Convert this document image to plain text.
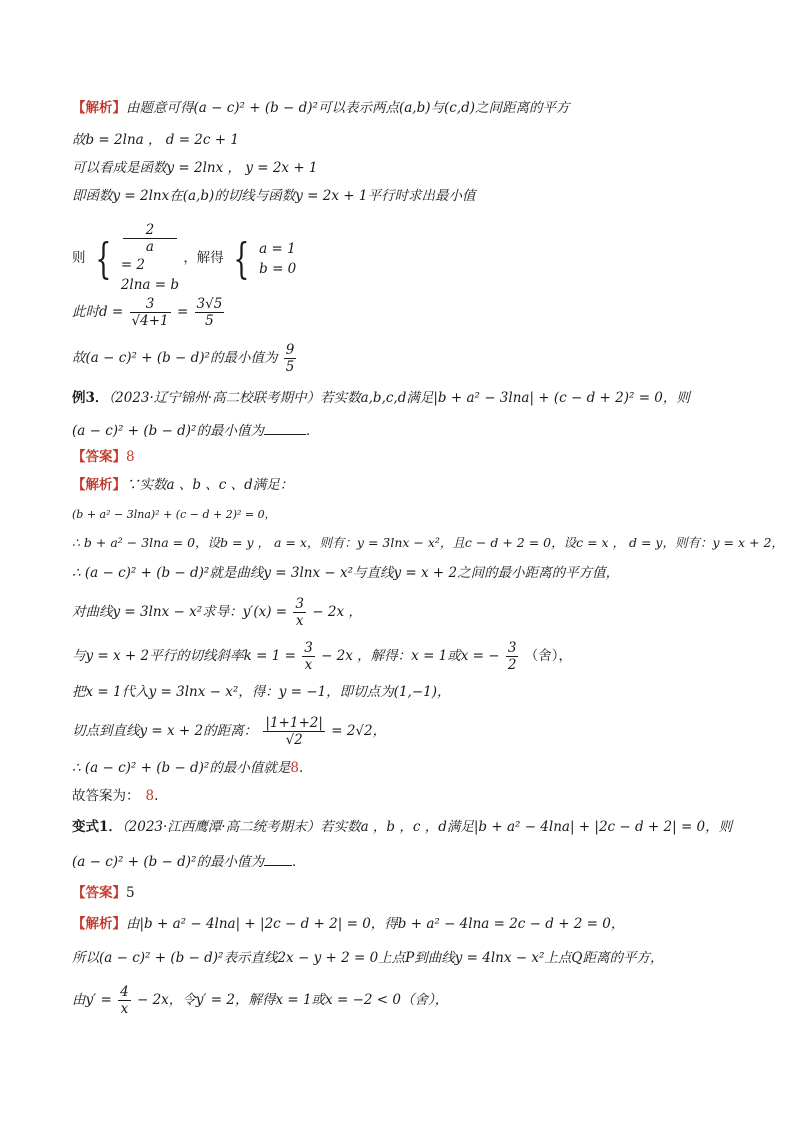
【解析】由题意可得(a − c)² + (b − d)²可以表示两点(a,b)与(c,d)之间距离的平方
故b = 2lna ， d = 2c + 1
可以看成是函数y = 2lnx ， y = 2x + 1
即函数y = 2lnx在(a,b)的切线与函数y = 2x + 1平行时求出最小值
则 {
2
a
= 2
2lna = b
，解得 { a = 1
b = 0
此时$d = \frac{3}{√4+1} = \frac{3√5}{5}$
故(a − c)² + (b − d)²的最小值为 $\frac{9}{5}$
例3．（2023·辽宁锦州·高二校联考期中）若实数a,b,c,d满足|b + a² − 3lna| + (c − d + 2)² = 0，则
(a − c)² + (b − d)²的最小值为	．
【答案】8
【解析】∵实数a 、b 、c 、d满足：
(b + a² − 3lna)² + (c − d + 2)² = 0，
∴ b + a² − 3lna = 0，设b = y ， a = x，则有：y = 3lnx − x²，且c − d + 2 = 0，设c = x ， d = y，则有：y = x + 2，
∴ (a − c)² + (b − d)²就是曲线y = 3lnx − x²与直线y = x + 2之间的最小距离的平方值，
对曲线y = 3lnx − x²求导：$y'(x) = \frac{3}{x} - 2x$ ，
与y = x + 2平行的切线斜率$k = 1 = \frac{3}{x} - 2x$ ，解得：x = 1或x = − $\frac{3}{2}$ （舍），
把x = 1代入y = 3lnx − x²，得：y = −1，即切点为(1,−1)，
切点到直线y = x + 2的距离： $\frac{|1+1+2|}{√2} = 2√2$，
∴ (a − c)² + (b − d)²的最小值就是8．
故答案为： 8.
变式1．（2023·江西鹰潭·高二统考期末）若实数a ，b ，c ，d满足|b + a² − 4lna| + |2c − d + 2| = 0，则
(a − c)² + (b − d)²的最小值为 ．
【答案】5
【解析】由|b + a² − 4lna| + |2c − d + 2| = 0，得b + a² − 4lna = 2c − d + 2 = 0，
所以(a − c)² + (b − d)²表示直线2x − y + 2 = 0上点P到曲线y = 4lnx − x²上点Q距离的平方，
由$y' = \frac{4}{x} - 2x$，令y′ = 2，解得x = 1或x = −2 < 0（舍），
